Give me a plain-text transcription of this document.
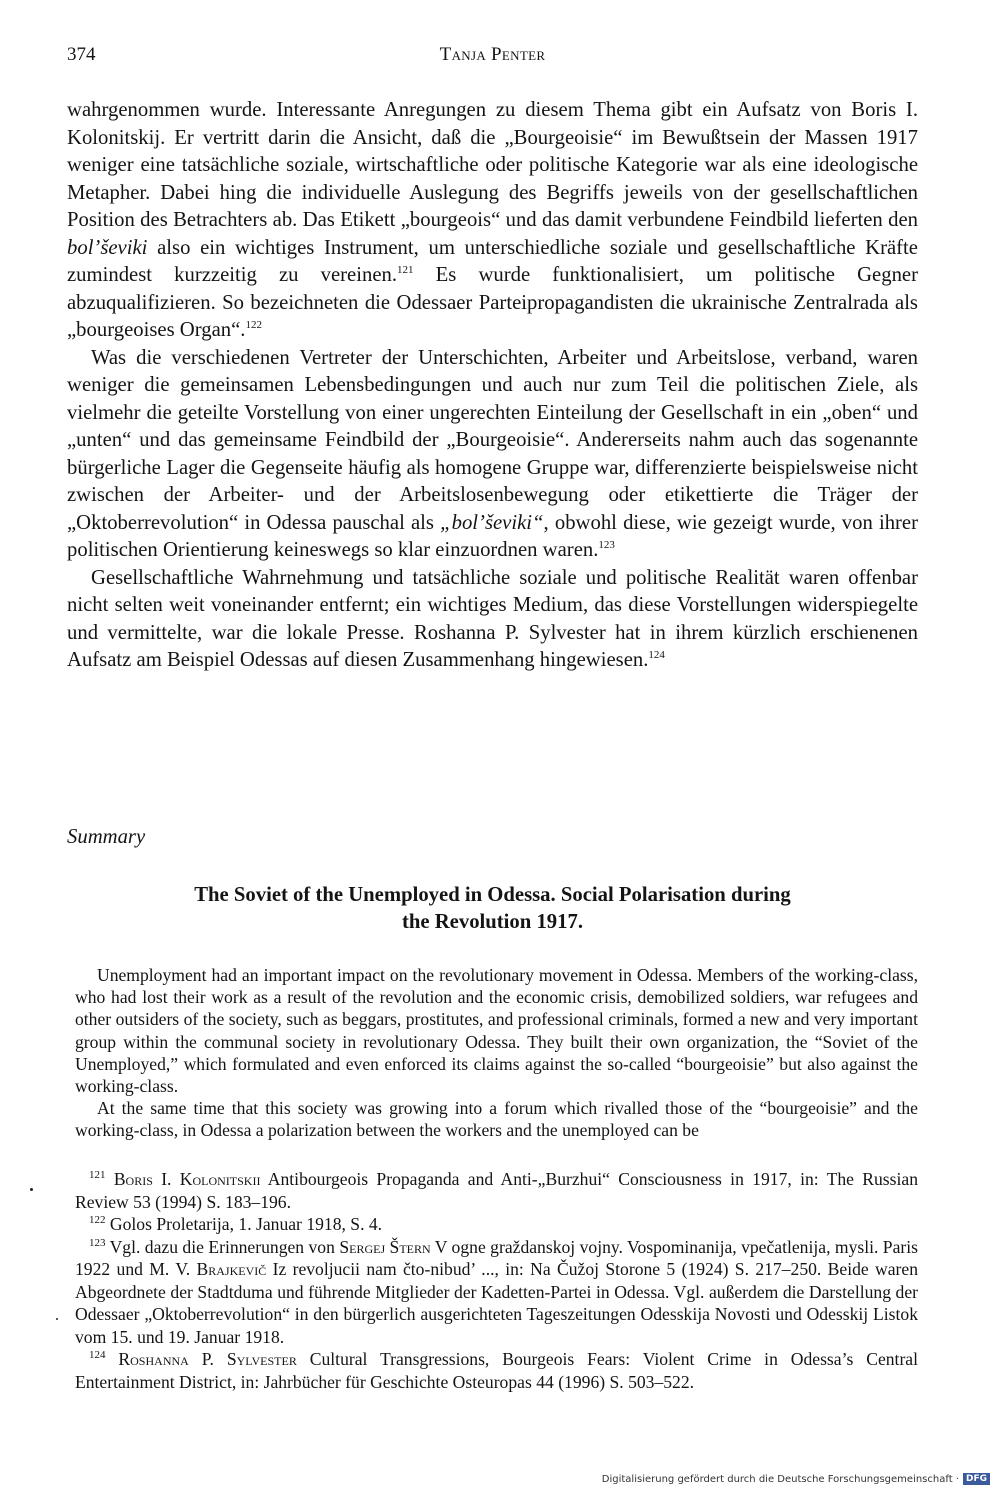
374	Tanja Penter

wahrgenommen wurde. Interessante Anregungen zu diesem Thema gibt ein Aufsatz von Boris I. Kolonitskij. Er vertritt darin die Ansicht, daß die „Bourgeoisie“ im Bewußtsein der Massen 1917 weniger eine tatsächliche soziale, wirtschaftliche oder politische Kategorie war als eine ideologische Metapher. Dabei hing die individuelle Auslegung des Begriffs jeweils von der gesellschaftlichen Position des Betrachters ab. Das Etikett „bourgeois“ und das damit verbundene Feindbild lieferten den bol’ševiki also ein wichtiges Instrument, um unterschiedliche soziale und gesellschaftliche Kräfte zumindest kurzzeitig zu vereinen.$^{121}$ Es wurde funktionalisiert, um politische Gegner abzuqualifizieren. So bezeichneten die Odessaer Parteipropagandisten die ukrainische Zentralrada als „bourgeoises Organ“.$^{122}$

Was die verschiedenen Vertreter der Unterschichten, Arbeiter und Arbeitslose, verband, waren weniger die gemeinsamen Lebensbedingungen und auch nur zum Teil die politischen Ziele, als vielmehr die geteilte Vorstellung von einer ungerechten Einteilung der Gesellschaft in ein „oben“ und „unten“ und das gemeinsame Feindbild der „Bourgeoisie“. Andererseits nahm auch das sogenannte bürgerliche Lager die Gegenseite häufig als homogene Gruppe war, differenzierte beispielsweise nicht zwischen der Arbeiter- und der Arbeitslosenbewegung oder etikettierte die Träger der „Oktoberrevolution“ in Odessa pauschal als „bol’ševiki“, obwohl diese, wie gezeigt wurde, von ihrer politischen Orientierung keineswegs so klar einzuordnen waren.$^{123}$

Gesellschaftliche Wahrnehmung und tatsächliche soziale und politische Realität waren offenbar nicht selten weit voneinander entfernt; ein wichtiges Medium, das diese Vorstellungen widerspiegelte und vermittelte, war die lokale Presse. Roshanna P. Sylvester hat in ihrem kürzlich erschienenen Aufsatz am Beispiel Odessas auf diesen Zusammenhang hingewiesen.$^{124}$

Summary
The Soviet of the Unemployed in Odessa. Social Polarisation during
the Revolution 1917.

Unemployment had an important impact on the revolutionary movement in Odessa. Members of the working-class, who had lost their work as a result of the revolution and the economic crisis, demobilized soldiers, war refugees and other outsiders of the society, such as beggars, prostitutes, and professional criminals, formed a new and very important group within the communal society in revolutionary Odessa. They built their own organization, the “Soviet of the Unemployed,” which formulated and even enforced its claims against the so-called “bourgeoisie” but also against the working-class.

At the same time that this society was growing into a forum which rivalled those of the “bourgeoisie” and the working-class, in Odessa a polarization between the workers and the unemployed can be

$^{121}$ Boris I. Kolonitskii Antibourgeois Propaganda and Anti-„Burzhui“ Consciousness in 1917, in: The Russian Review 53 (1994) S. 183–196.

$^{122}$ Golos Proletarija, 1. Januar 1918, S. 4.

$^{123}$ Vgl. dazu die Erinnerungen von Sergej Štern V ogne graždanskoj vojny. Vospominanija, vpečatlenija, mysli. Paris 1922 und M. V. Brajkevič Iz revoljucii nam čto-nibud’ ..., in: Na Čužoj Storone 5 (1924) S. 217–250. Beide waren Abgeordnete der Stadtduma und führende Mitglieder der Kadetten-Partei in Odessa. Vgl. außerdem die Darstellung der Odessaer „Oktoberrevolution“ in den bürgerlich ausgerichteten Tageszeitungen Odesskija Novosti und Odesskij Listok vom 15. und 19. Januar 1918.

$^{124}$ Roshanna P. Sylvester Cultural Transgressions, Bourgeois Fears: Violent Crime in Odessa’s Central Entertainment District, in: Jahrbücher für Geschichte Osteuropas 44 (1996) S. 503–522.

Digitalisierung gefördert durch die Deutsche Forschungsgemeinschaft · DFG
